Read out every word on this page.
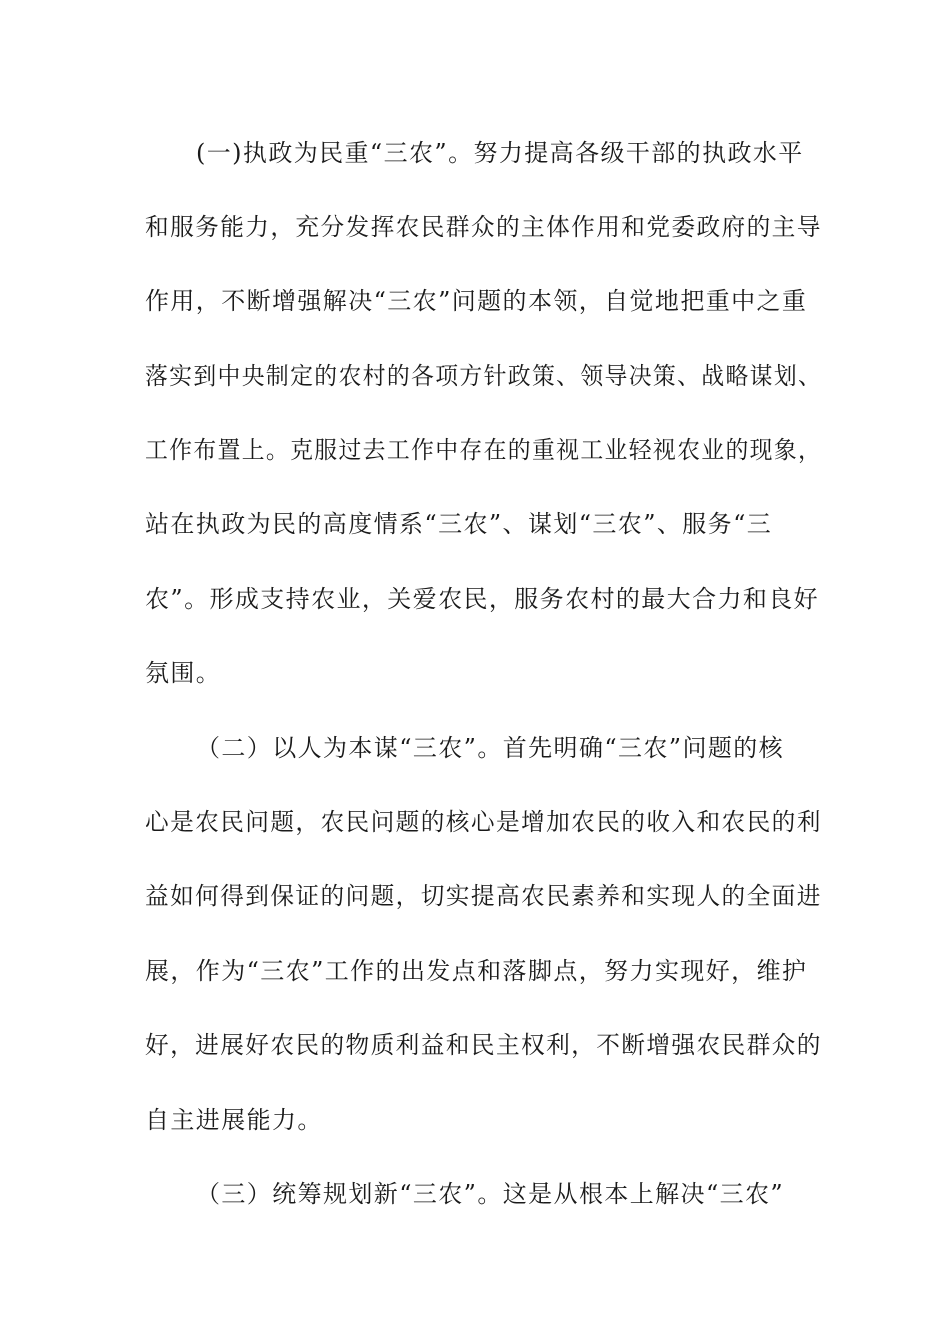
(一)执政为民重“三农”。努力提高各级干部的执政水平
和服务能力，充分发挥农民群众的主体作用和党委政府的主导
作用，不断增强解决“三农”问题的本领，自觉地把重中之重
落实到中央制定的农村的各项方针政策、领导决策、战略谋划、
工作布置上。克服过去工作中存在的重视工业轻视农业的现象，
站在执政为民的高度情系“三农”、谋划“三农”、服务“三
农”。形成支持农业，关爱农民，服务农村的最大合力和良好
氛围。
（二）以人为本谋“三农”。首先明确“三农”问题的核
心是农民问题，农民问题的核心是增加农民的收入和农民的利
益如何得到保证的问题，切实提高农民素养和实现人的全面进
展，作为“三农”工作的出发点和落脚点，努力实现好，维护
好，进展好农民的物质利益和民主权利，不断增强农民群众的
自主进展能力。
（三）统筹规划新“三农”。这是从根本上解决“三农”
